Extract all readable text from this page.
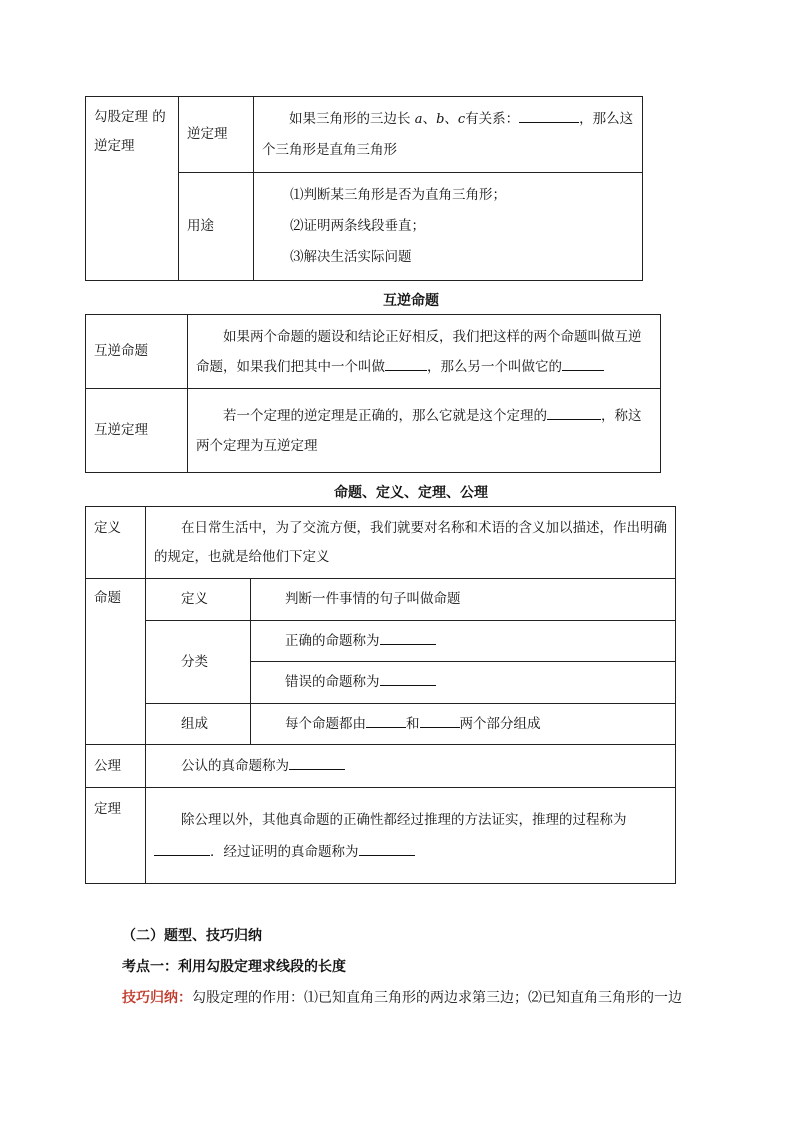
勾股定理 的逆定理	逆定理	如果三角形的三边长 a、b、c有关系： ，那么这个三角形是直角三角形
	用途	⑴判断某三角形是否为直角三角形；
⑵证明两条线段垂直；
⑶解决生活实际问题
互逆命题
互逆命题	如果两个命题的题设和结论正好相反，我们把这样的两个命题叫做互逆命题，如果我们把其中一个叫做 ，那么另一个叫做它的
互逆定理	若一个定理的逆定理是正确的，那么它就是这个定理的 ，称这两个定理为互逆定理
命题、定义、定理、公理
定义	在日常生活中，为了交流方便，我们就要对名称和术语的含义加以描述，作出明确的规定，也就是给他们下定义	
命题	定义	判断一件事情的句子叫做命题
	分类	正确的命题称为
		错误的命题称为
	组成	每个命题都由 和 两个部分组成
公理	公认的真命题称为	
定理	除公理以外，其他真命题的正确性都经过推理的方法证实，推理的过程称为．经过证明的真命题称为	
（二）题型、技巧归纳
考点一：利用勾股定理求线段的长度
技巧归纳：勾股定理的作用：⑴已知直角三角形的两边求第三边；⑵已知直角三角形的一边
